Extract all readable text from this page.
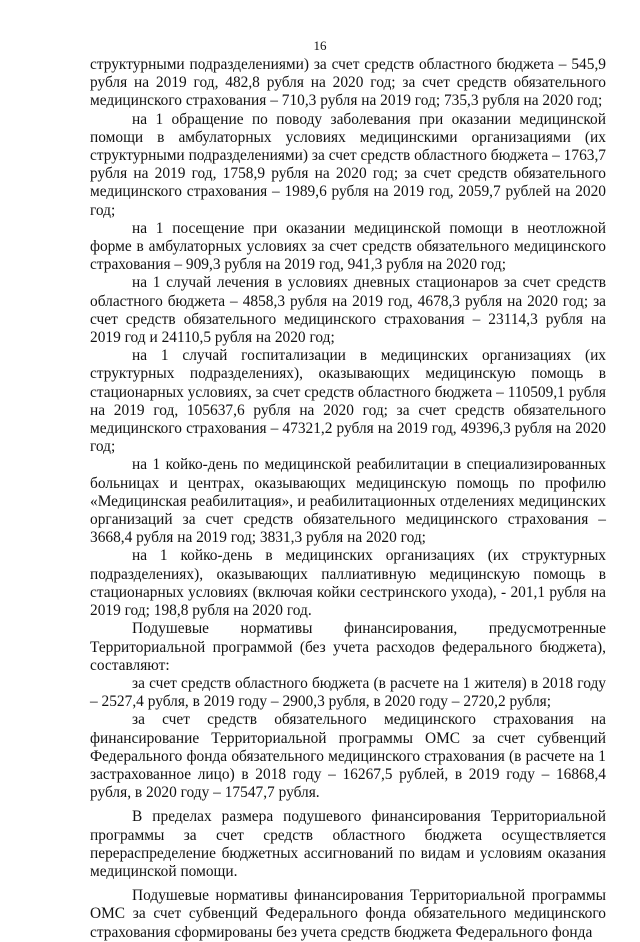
16

структурными подразделениями) за счет средств областного бюджета – 545,9 рубля на 2019 год, 482,8 рубля на 2020 год; за счет средств обязательного медицинского страхования – 710,3 рубля на 2019 год; 735,3 рубля на 2020 год;

на 1 обращение по поводу заболевания при оказании медицинской помощи в амбулаторных условиях медицинскими организациями (их структурными подразделениями) за счет средств областного бюджета – 1763,7 рубля на 2019 год, 1758,9 рубля на 2020 год; за счет средств обязательного медицинского страхования – 1989,6 рубля на 2019 год, 2059,7 рублей на 2020 год;

на 1 посещение при оказании медицинской помощи в неотложной форме в амбулаторных условиях за счет средств обязательного медицинского страхования – 909,3 рубля на 2019 год, 941,3 рубля на 2020 год;

на 1 случай лечения в условиях дневных стационаров за счет средств областного бюджета – 4858,3 рубля на 2019 год, 4678,3 рубля на 2020 год; за счет средств обязательного медицинского страхования – 23114,3 рубля на 2019 год и 24110,5 рубля на 2020 год;

на 1 случай госпитализации в медицинских организациях (их структурных подразделениях), оказывающих медицинскую помощь в стационарных условиях, за счет средств областного бюджета – 110509,1 рубля на 2019 год, 105637,6 рубля на 2020 год; за счет средств обязательного медицинского страхования – 47321,2 рубля на 2019 год, 49396,3 рубля на 2020 год;

на 1 койко-день по медицинской реабилитации в специализированных больницах и центрах, оказывающих медицинскую помощь по профилю «Медицинская реабилитация», и реабилитационных отделениях медицинских организаций за счет средств обязательного медицинского страхования – 3668,4 рубля на 2019 год; 3831,3 рубля на 2020 год;

на 1 койко-день в медицинских организациях (их структурных подразделениях), оказывающих паллиативную медицинскую помощь в стационарных условиях (включая койки сестринского ухода), - 201,1 рубля на 2019 год; 198,8 рубля на 2020 год.

Подушевые нормативы финансирования, предусмотренные Территориальной программой (без учета расходов федерального бюджета), составляют:

за счет средств областного бюджета (в расчете на 1 жителя) в 2018 году – 2527,4 рубля, в 2019 году – 2900,3 рубля, в 2020 году – 2720,2 рубля;

за счет средств обязательного медицинского страхования на финансирование Территориальной программы ОМС за счет субвенций Федерального фонда обязательного медицинского страхования (в расчете на 1 застрахованное лицо) в 2018 году – 16267,5 рублей, в 2019 году – 16868,4 рубля, в 2020 году – 17547,7 рубля.

В пределах размера подушевого финансирования Территориальной программы за счет средств областного бюджета осуществляется перераспределение бюджетных ассигнований по видам и условиям оказания медицинской помощи.

Подушевые нормативы финансирования Территориальной программы ОМС за счет субвенций Федерального фонда обязательного медицинского страхования сформированы без учета средств бюджета Федерального фонда
